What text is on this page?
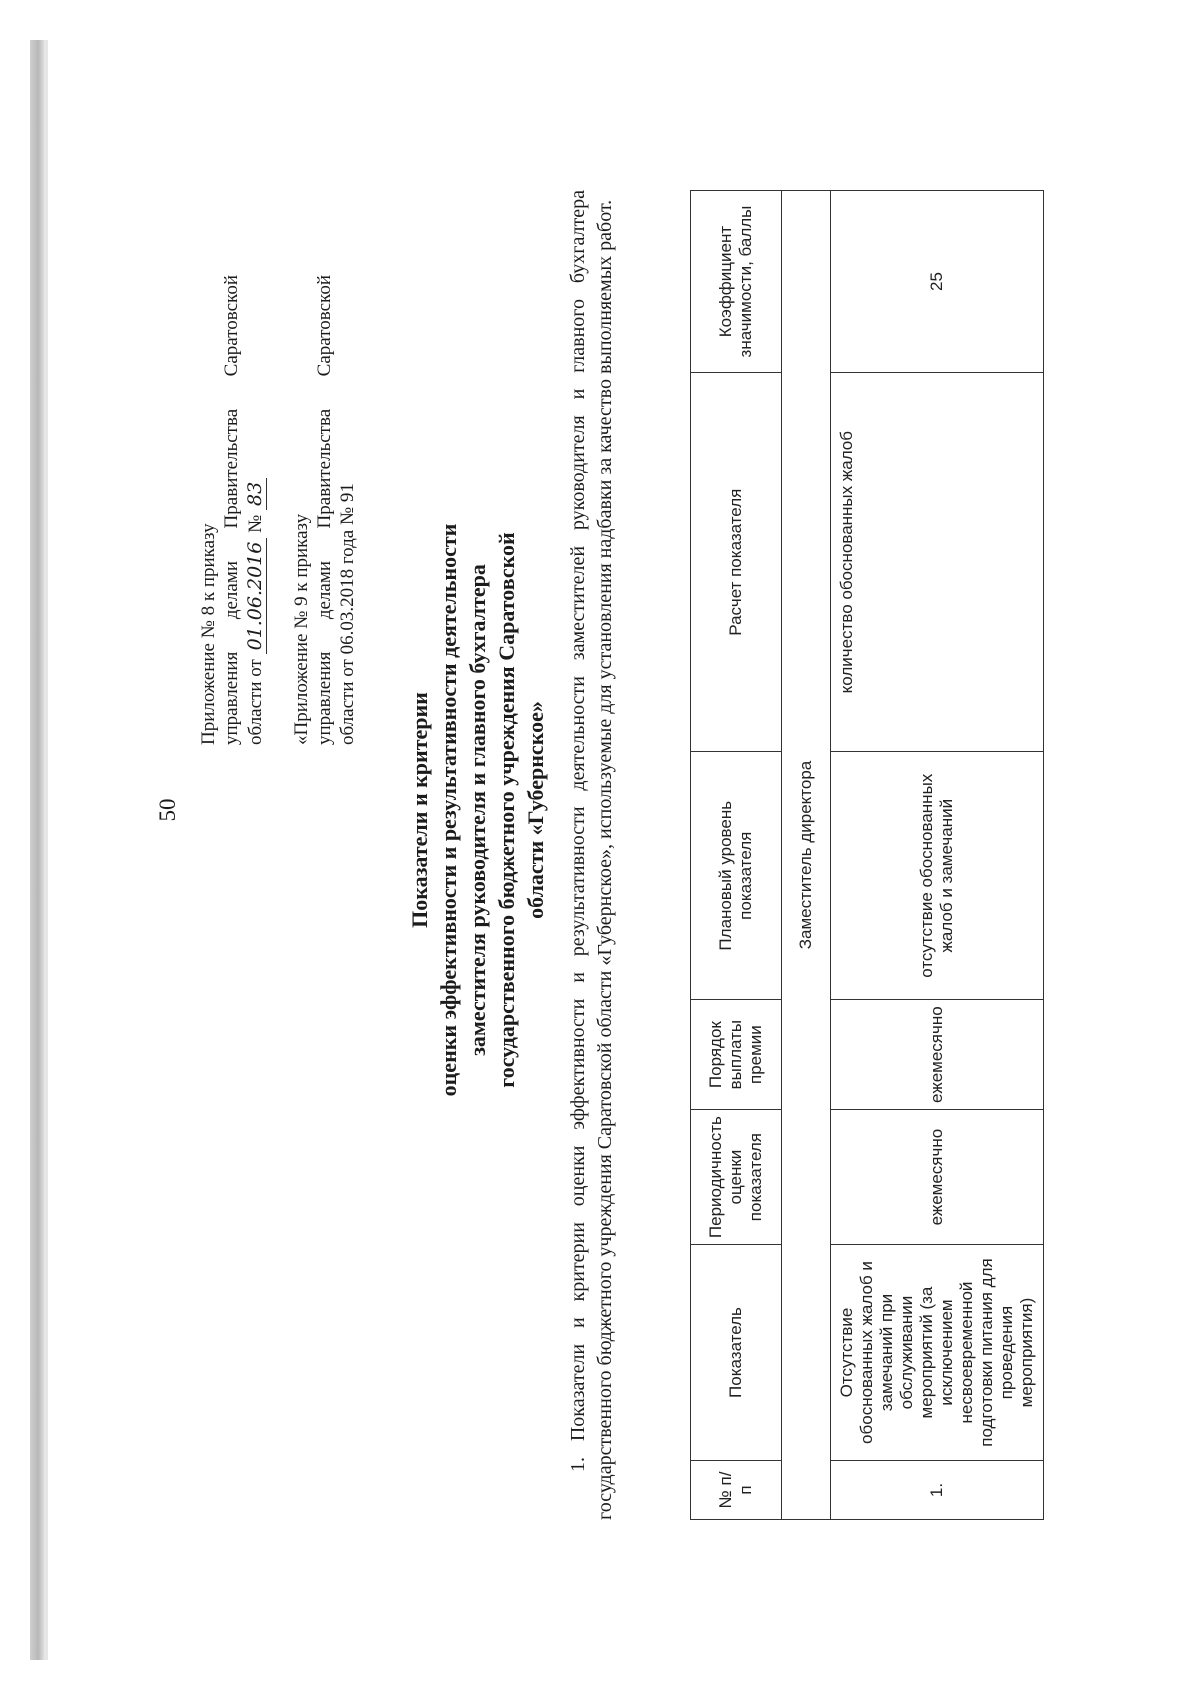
50
Приложение № 8 к приказу управления
делами
Правительства
Саратовской
области от 01.06.2016 № 83
«Приложение № 9 к приказу управления
делами
Правительства
Саратовской
области от 06.03.2018 года № 91
Показатели и критерии оценки эффективности и результативности деятельности заместителя руководителя и главного бухгалтера государственного бюджетного учреждения Саратовской области «Губернское» 1. Показатели и критерии оценки эффективности и результативности деятельности заместителей руководителя и главного бухгалтера государственного бюджетного учреждения Саратовской области «Губернское», используемые для установления надбавки за качество выполняемых работ.	№ п/п	Показатель	Периодичность оценки показателя	Порядок выплаты премии	Плановый уровень показателя	Расчет показателя	Коэффициент значимости, баллы
Заместитель директора						
1.	Отсутствие обоснованных жалоб и замечаний при обслуживании мероприятий (за исключением несвоевременной подготовки питания для проведения мероприятия)	ежемесячно	ежемесячно	отсутствие обоснованных жалоб и замечаний	количество обоснованных жалоб	25
